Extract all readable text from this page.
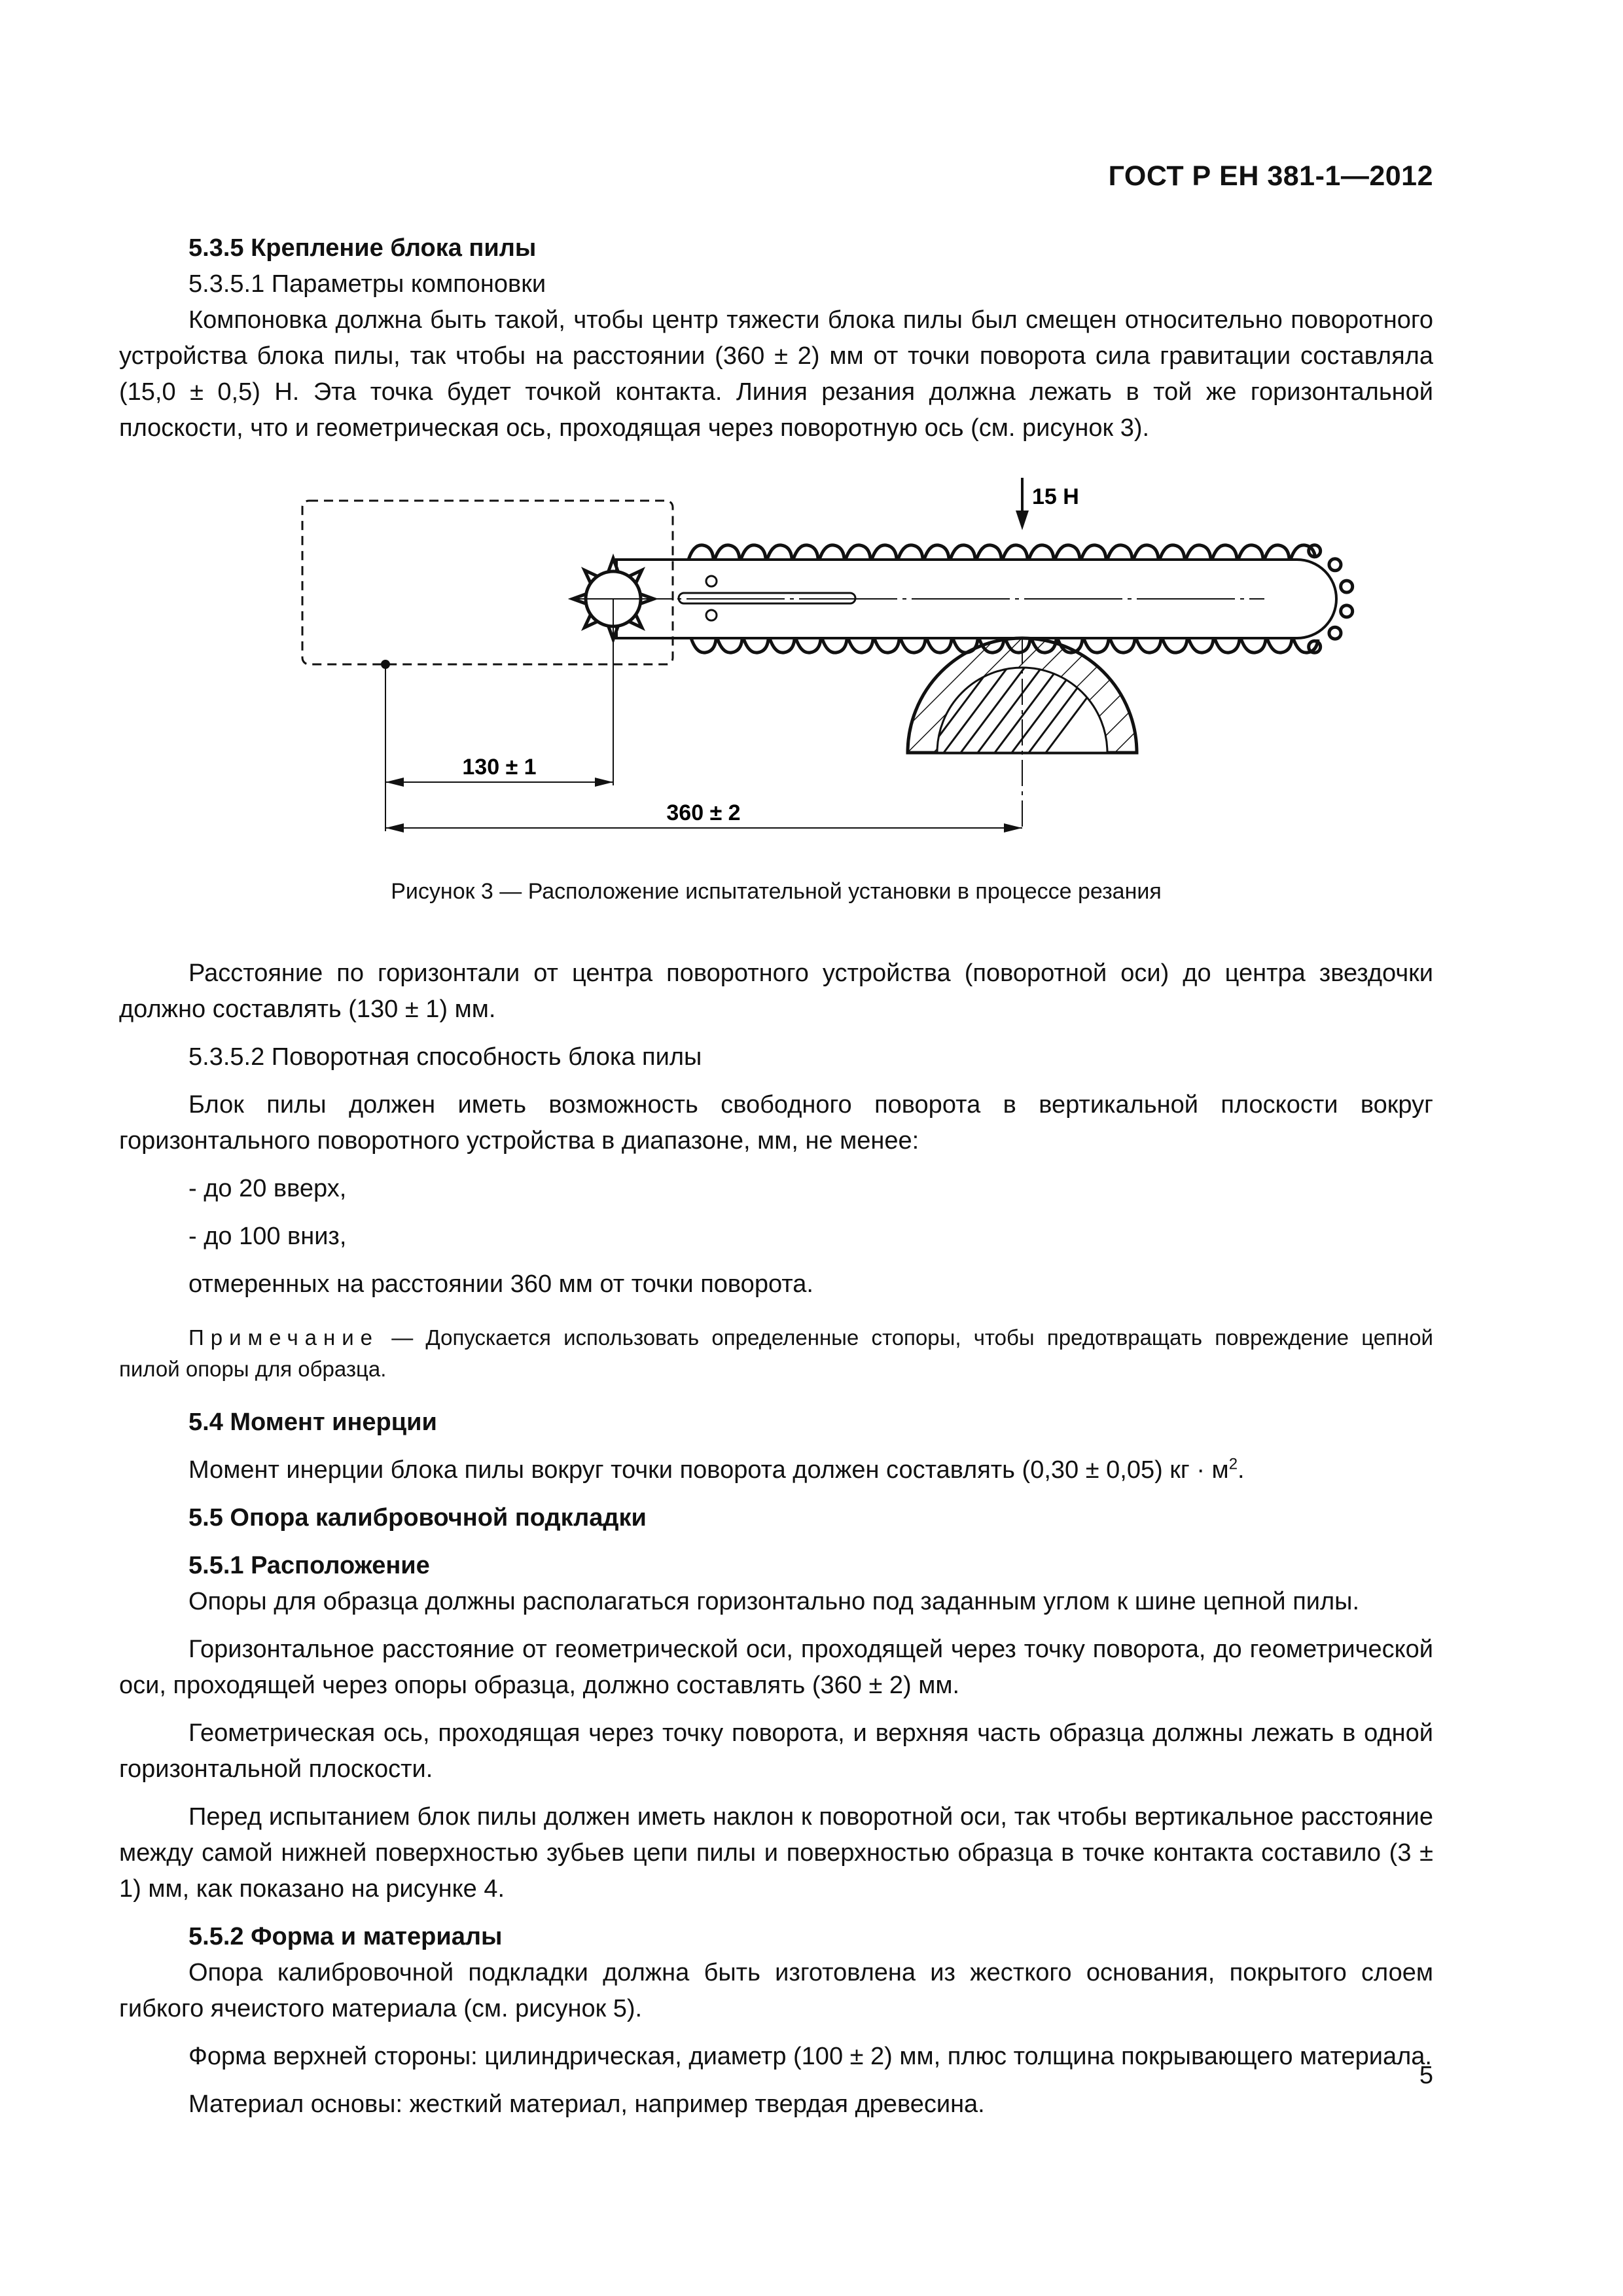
ГОСТ Р ЕН 381-1—2012

5.3.5 Крепление блока пилы

5.3.5.1 Параметры компоновки

Компоновка должна быть такой, чтобы центр тяжести блока пилы был смещен относительно поворотного устройства блока пилы, так чтобы на расстоянии (360 ± 2) мм от точки поворота сила гравитации составляла (15,0 ± 0,5) Н. Эта точка будет точкой контакта. Линия резания должна лежать в той же горизонтальной плоскости, что и геометрическая ось, проходящая через поворотную ось (см. рисунок 3).

15 Н
130 ± 1
360 ± 2
Рисунок 3 — Расположение испытательной установки в процессе резания

Расстояние по горизонтали от центра поворотного устройства (поворотной оси) до центра звездочки должно составлять (130 ± 1) мм.

5.3.5.2 Поворотная способность блока пилы

Блок пилы должен иметь возможность свободного поворота в вертикальной плоскости вокруг горизонтального поворотного устройства в диапазоне, мм, не менее:

- до 20 вверх,

- до 100 вниз,

отмеренных на расстоянии 360 мм от точки поворота.

Примечание — Допускается использовать определенные стопоры, чтобы предотвращать повреждение цепной пилой опоры для образца.

5.4 Момент инерции

Момент инерции блока пилы вокруг точки поворота должен составлять (0,30 ± 0,05) кг · $м^2$.

5.5 Опора калибровочной подкладки

5.5.1 Расположение

Опоры для образца должны располагаться горизонтально под заданным углом к шине цепной пилы.

Горизонтальное расстояние от геометрической оси, проходящей через точку поворота, до геометрической оси, проходящей через опоры образца, должно составлять (360 ± 2) мм.

Геометрическая ось, проходящая через точку поворота, и верхняя часть образца должны лежать в одной горизонтальной плоскости.

Перед испытанием блок пилы должен иметь наклон к поворотной оси, так чтобы вертикальное расстояние между самой нижней поверхностью зубьев цепи пилы и поверхностью образца в точке контакта составило (3 ± 1) мм, как показано на рисунке 4.

5.5.2 Форма и материалы

Опора калибровочной подкладки должна быть изготовлена из жесткого основания, покрытого слоем гибкого ячеистого материала (см. рисунок 5).

Форма верхней стороны: цилиндрическая, диаметр (100 ± 2) мм, плюс толщина покрывающего материала.

Материал основы: жесткий материал, например твердая древесина.

5
